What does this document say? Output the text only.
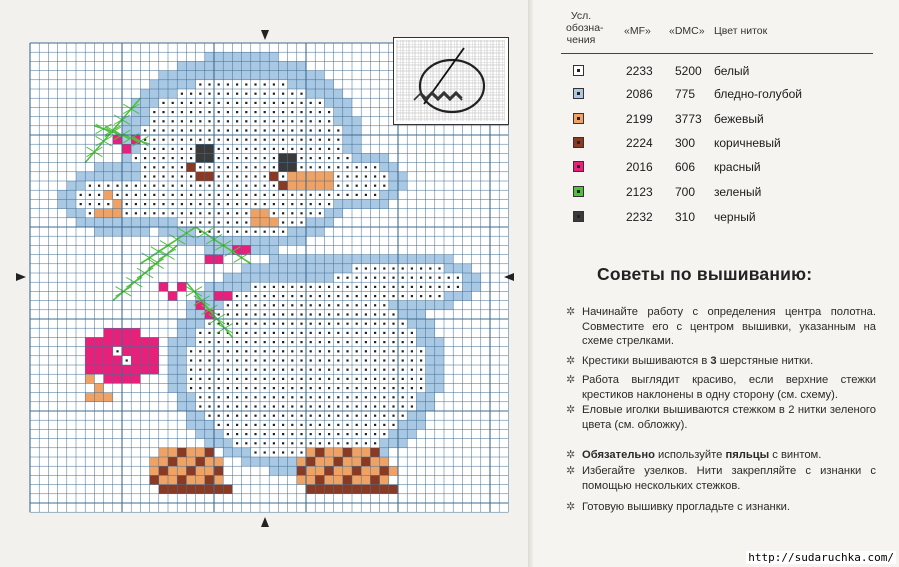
Усл.
обозна-
чения
«MF» «DMC» Цвет ниток
2233 5200 белый
2086 775 бледно-голубой
2199 3773 бежевый
2224 300 коричневый
2016 606 красный
2123 700 зеленый
2232 310 черный
Советы по вышиванию:
✲ Начинайте работу с определения центра полотна. Совместите его с центром вышивки, указанным на схеме стрелками.
✲ Крестики вышиваются в 3 шерстяные нитки.
✲ Работа выглядит красиво, если верхние стежки крестиков наклонены в одну сторону (см. схему).
✲ Еловые иголки вышиваются стежком в 2 нитки зеленого цвета (см. обложку).
✲ Обязательно используйте пяльцы с винтом.
✲ Избегайте узелков. Нити закрепляйте с изнанки с помощью нескольких стежков.
✲ Готовую вышивку прогладьте с изнанки.
http://sudaruchka.com/
